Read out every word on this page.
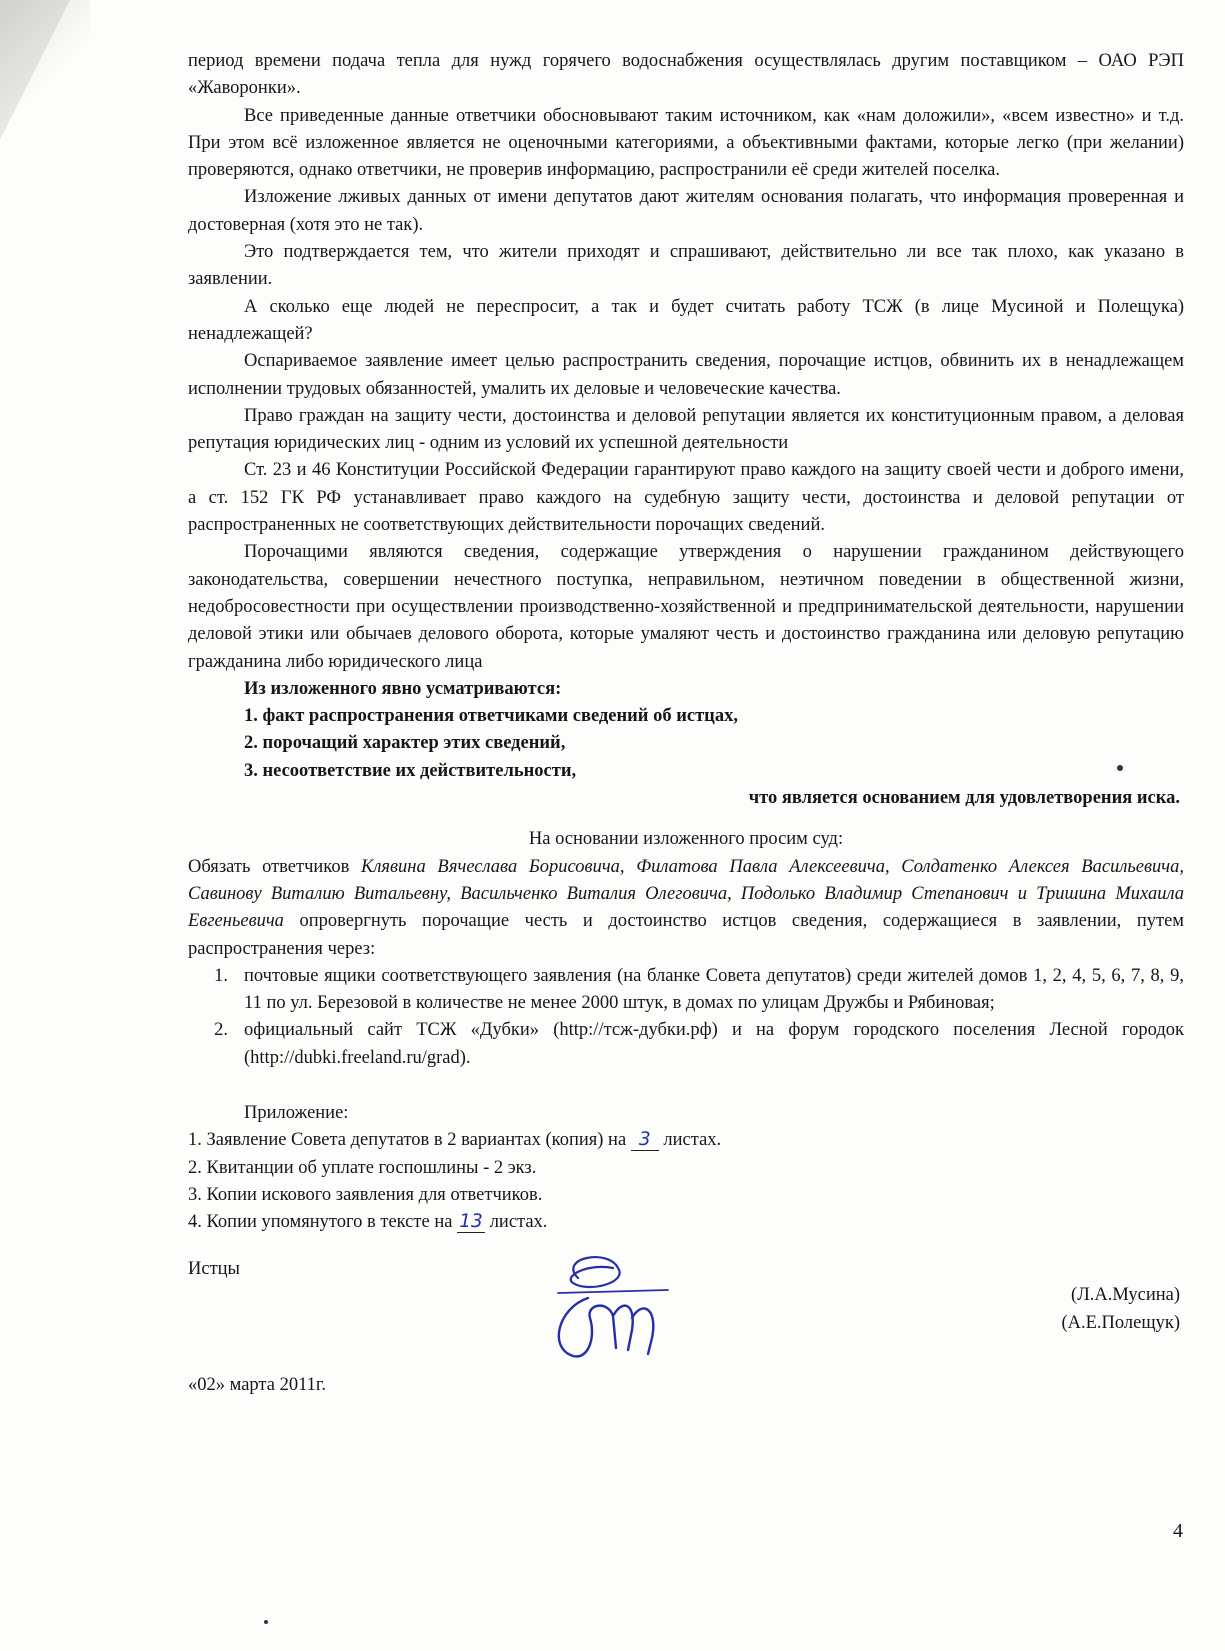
период времени подача тепла для нужд горячего водоснабжения осуществлялась другим поставщиком – ОАО РЭП «Жаворонки».

Все приведенные данные ответчики обосновывают таким источником, как «нам доложили», «всем известно» и т.д. При этом всё изложенное является не оценочными категориями, а объективными фактами, которые легко (при желании) проверяются, однако ответчики, не проверив информацию, распространили её среди жителей поселка.

Изложение лживых данных от имени депутатов дают жителям основания полагать, что информация проверенная и достоверная (хотя это не так).

Это подтверждается тем, что жители приходят и спрашивают, действительно ли все так плохо, как указано в заявлении.

А сколько еще людей не переспросит, а так и будет считать работу ТСЖ (в лице Мусиной и Полещука) ненадлежащей?

Оспариваемое заявление имеет целью распространить сведения, порочащие истцов, обвинить их в ненадлежащем исполнении трудовых обязанностей, умалить их деловые и человеческие качества.

Право граждан на защиту чести, достоинства и деловой репутации является их конституционным правом, а деловая репутация юридических лиц - одним из условий их успешной деятельности

Ст. 23 и 46 Конституции Российской Федерации гарантируют право каждого на защиту своей чести и доброго имени, а ст. 152 ГК РФ устанавливает право каждого на судебную защиту чести, достоинства и деловой репутации от распространенных не соответствующих действительности порочащих сведений.

Порочащими являются сведения, содержащие утверждения о нарушении гражданином действующего законодательства, совершении нечестного поступка, неправильном, неэтичном поведении в общественной жизни, недобросовестности при осуществлении производственно-хозяйственной и предпринимательской деятельности, нарушении деловой этики или обычаев делового оборота, которые умаляют честь и достоинство гражданина или деловую репутацию гражданина либо юридического лица

Из изложенного явно усматриваются:

1. факт распространения ответчиками сведений об истцах,

2. порочащий характер этих сведений,

3. несоответствие их действительности,

что является основанием для удовлетворения иска.

На основании изложенного просим суд:

Обязать ответчиков Клявина Вячеслава Борисовича, Филатова Павла Алексеевича, Солдатенко Алексея Васильевича, Савинову Виталию Витальевну, Васильченко Виталия Олеговича, Подолько Владимир Степанович и Тришина Михаила Евгеньевича опровергнуть порочащие честь и достоинство истцов сведения, содержащиеся в заявлении, путем распространения через:

1. почтовые ящики соответствующего заявления (на бланке Совета депутатов) среди жителей домов 1, 2, 4, 5, 6, 7, 8, 9, 11 по ул. Березовой в количестве не менее 2000 штук, в домах по улицам Дружбы и Рябиновая;
2. официальный сайт ТСЖ «Дубки» (http://тсж-дубки.рф) и на форум городского поселения Лесной городок (http://dubki.freeland.ru/grad).

Приложение:

1. Заявление Совета депутатов в 2 вариантах (копия) на 3 листах.

2. Квитанции об уплате госпошлины - 2 экз.

3. Копии искового заявления для ответчиков.

4. Копии упомянутого в тексте на 13 листах.

Истцы
(Л.А.Мусина)
(А.Е.Полещук)
«02» марта 2011г.
4
